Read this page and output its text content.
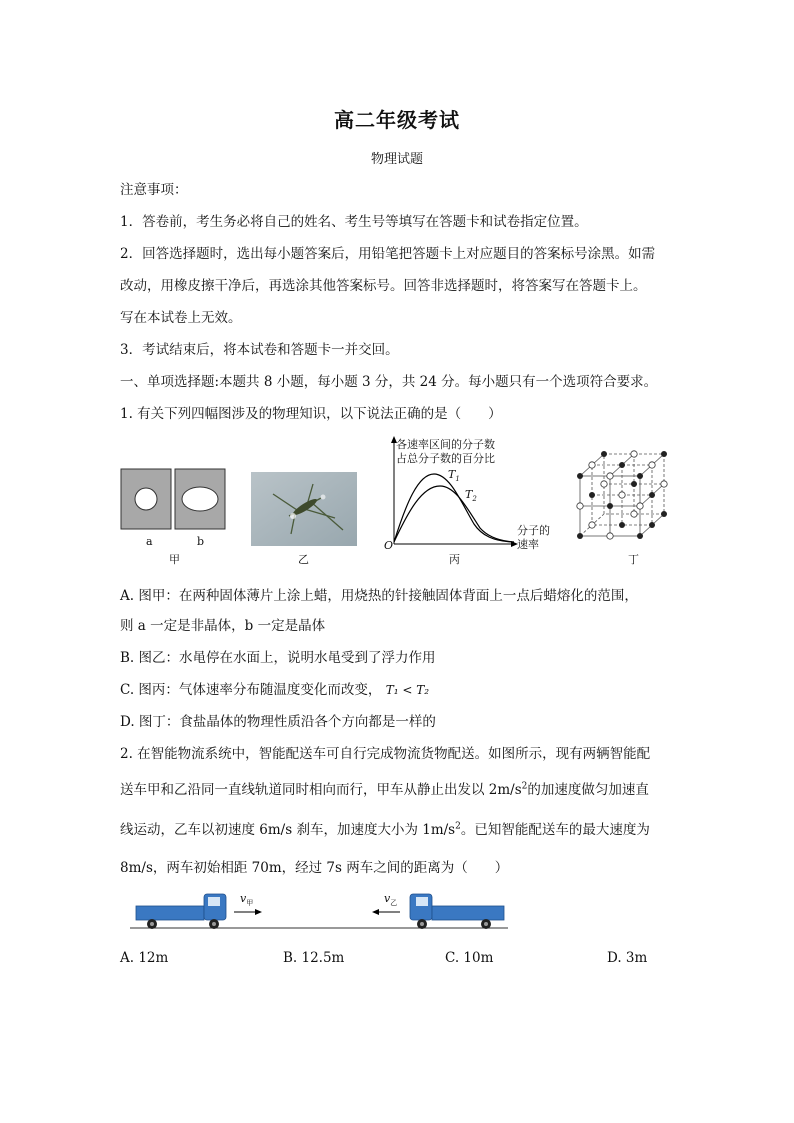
高二年级考试
物理试题
注意事项：
1．答卷前，考生务必将自己的姓名、考生号等填写在答题卡和试卷指定位置。
2．回答选择题时，选出每小题答案后，用铅笔把答题卡上对应题目的答案标号涂黑。如需
改动，用橡皮擦干净后，再选涂其他答案标号。回答非选择题时，将答案写在答题卡上。
写在本试卷上无效。
3．考试结束后，将本试卷和答题卡一并交回。
一、单项选择题:本题共 8 小题，每小题 3 分，共 24 分。每小题只有一个选项符合要求。
1. 有关下列四幅图涉及的物理知识，以下说法正确的是（　　）
a	b
甲	乙
各速率区间的分子数
占总分子数的百分比
$T_1$
$T_2$
分子的
速率
O
丙	丁
A. 图甲：在两种固体薄片上涂上蜡，用烧热的针接触固体背面上一点后蜡熔化的范围，
则 a 一定是非晶体，b 一定是晶体
B. 图乙：水黾停在水面上，说明水黾受到了浮力作用
C. 图丙：气体速率分布随温度变化而改变， T₁ < T₂
D. 图丁：食盐晶体的物理性质沿各个方向都是一样的
2. 在智能物流系统中，智能配送车可自行完成物流货物配送。如图所示，现有两辆智能配
送车甲和乙沿同一直线轨道同时相向而行，甲车从静止出发以 $2m/s^2$的加速度做匀加速直
线运动，乙车以初速度 6m/s 刹车，加速度大小为 $1m/s^2$。已知智能配送车的最大速度为
8m/s，两车初始相距 70m，经过 7s 两车之间的距离为（　　）
$v_甲$	$v_乙$
A. 12m	B. 12.5m	C. 10m	D. 3m
